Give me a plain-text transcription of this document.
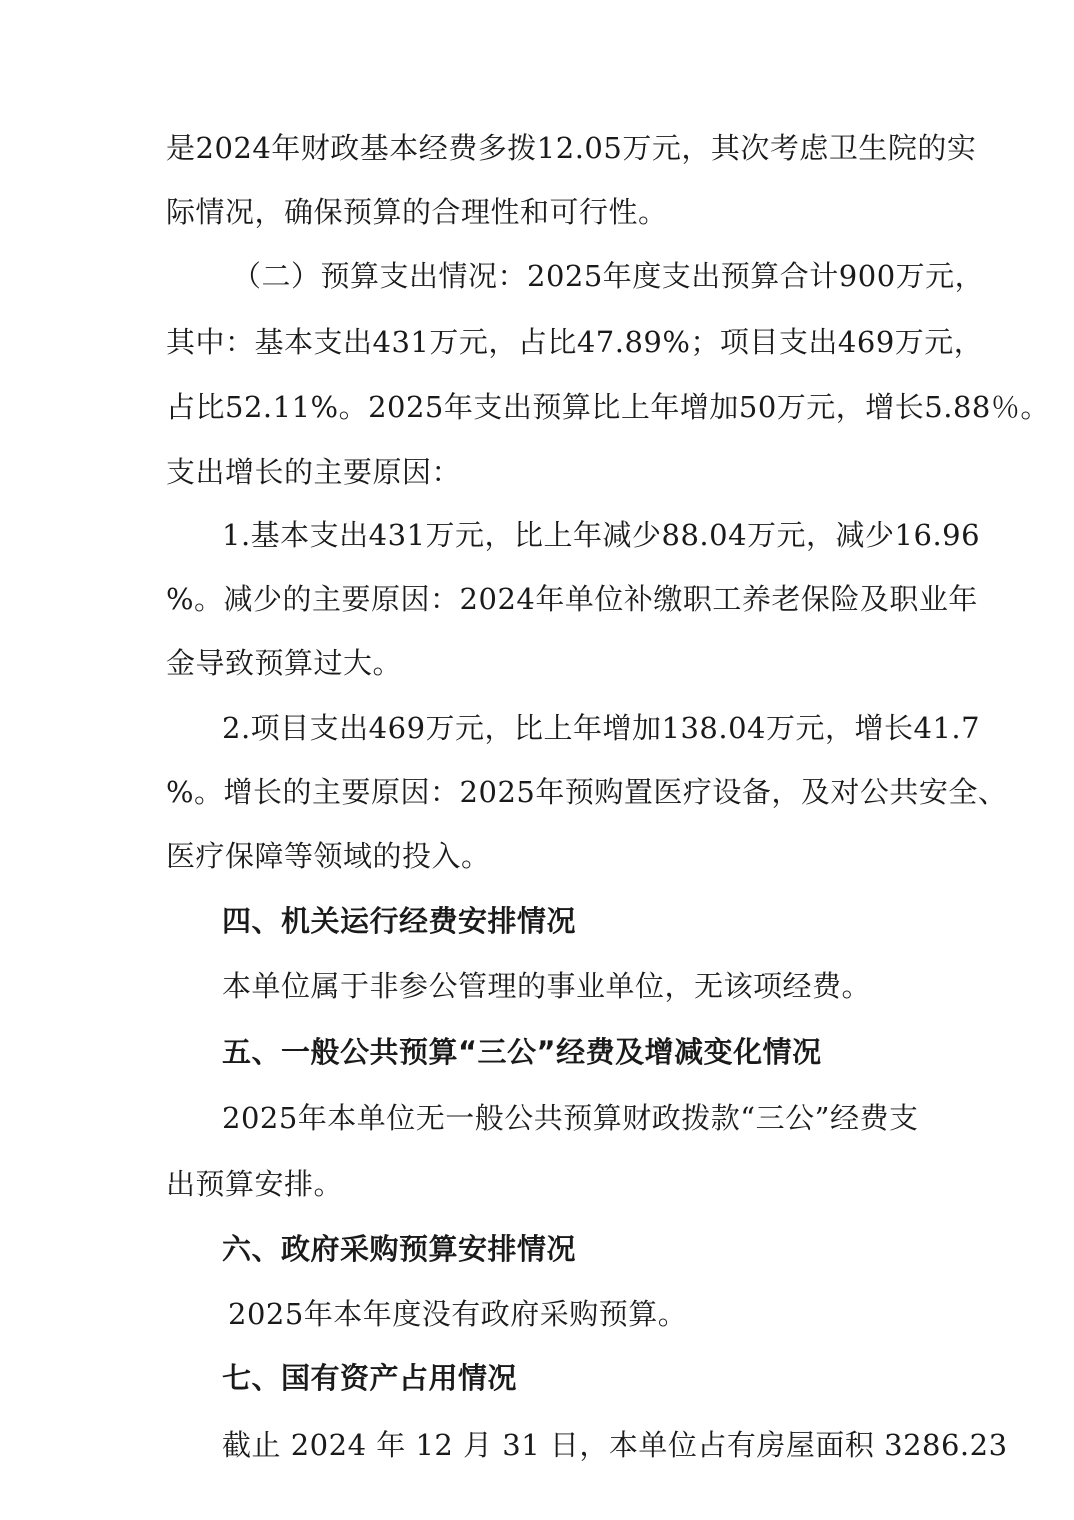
是2024年财政基本经费多拨12.05万元，其次考虑卫生院的实
际情况，确保预算的合理性和可行性。
（二）预算支出情况：2025年度支出预算合计900万元，
其中：基本支出431万元，占比47.89%；项目支出469万元，
占比52.11%。2025年支出预算比上年增加50万元，增长5.88％。
支出增长的主要原因：
1.基本支出431万元，比上年减少88.04万元，减少16.96
%。减少的主要原因：2024年单位补缴职工养老保险及职业年
金导致预算过大。
2.项目支出469万元，比上年增加138.04万元，增长41.7
%。增长的主要原因：2025年预购置医疗设备，及对公共安全、
医疗保障等领域的投入。
四、机关运行经费安排情况
本单位属于非参公管理的事业单位，无该项经费。
五、一般公共预算“三公”经费及增减变化情况
2025年本单位无一般公共预算财政拨款“三公”经费支
出预算安排。
六、政府采购预算安排情况
2025年本年度没有政府采购预算。
七、国有资产占用情况
截止 2024 年 12 月 31 日，本单位占有房屋面积 3286.23
